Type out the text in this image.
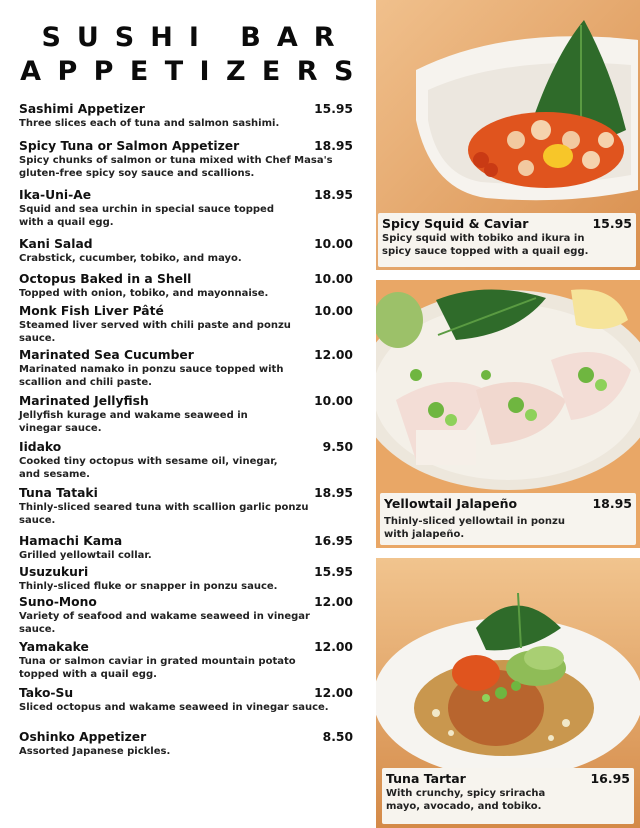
SUSHI BAR
APPETIZERS
Sashimi Appetizer	15.95
Three slices each of tuna and salmon sashimi.
Spicy Tuna or Salmon Appetizer	18.95
Spicy chunks of salmon or tuna mixed with Chef Masa's gluten-free spicy soy sauce and scallions.
Ika-Uni-Ae	18.95
Squid and sea urchin in special sauce topped with a quail egg.
Kani Salad	10.00
Crabstick, cucumber, tobiko, and mayo.
Octopus Baked in a Shell	10.00
Topped with onion, tobiko, and mayonnaise.
Monk Fish Liver Pâté	10.00
Steamed liver served with chili paste and ponzu sauce.
Marinated Sea Cucumber	12.00
Marinated namako in ponzu sauce topped with scallion and chili paste.
Marinated Jellyfish	10.00
Jellyfish kurage and wakame seaweed in vinegar sauce.
Iidako	9.50
Cooked tiny octopus with sesame oil, vinegar, and sesame.
Tuna Tataki	18.95
Thinly-sliced seared tuna with scallion garlic ponzu sauce.
Hamachi Kama	16.95
Grilled yellowtail collar.
Usuzukuri	15.95
Thinly-sliced fluke or snapper in ponzu sauce.
Suno-Mono	12.00
Variety of seafood and wakame seaweed in vinegar sauce.
Yamakake	12.00
Tuna or salmon caviar in grated mountain potato topped with a quail egg.
Tako-Su	12.00
Sliced octopus and wakame seaweed in vinegar sauce.
Oshinko Appetizer	8.50
Assorted Japanese pickles.
Spicy Squid & Caviar	15.95
Spicy squid with tobiko and ikura in spicy sauce topped with a quail egg.
Yellowtail Jalapeño	18.95
Thinly-sliced yellowtail in ponzu with jalapeño.
Tuna Tartar	16.95
With crunchy, spicy sriracha mayo, avocado, and tobiko.
